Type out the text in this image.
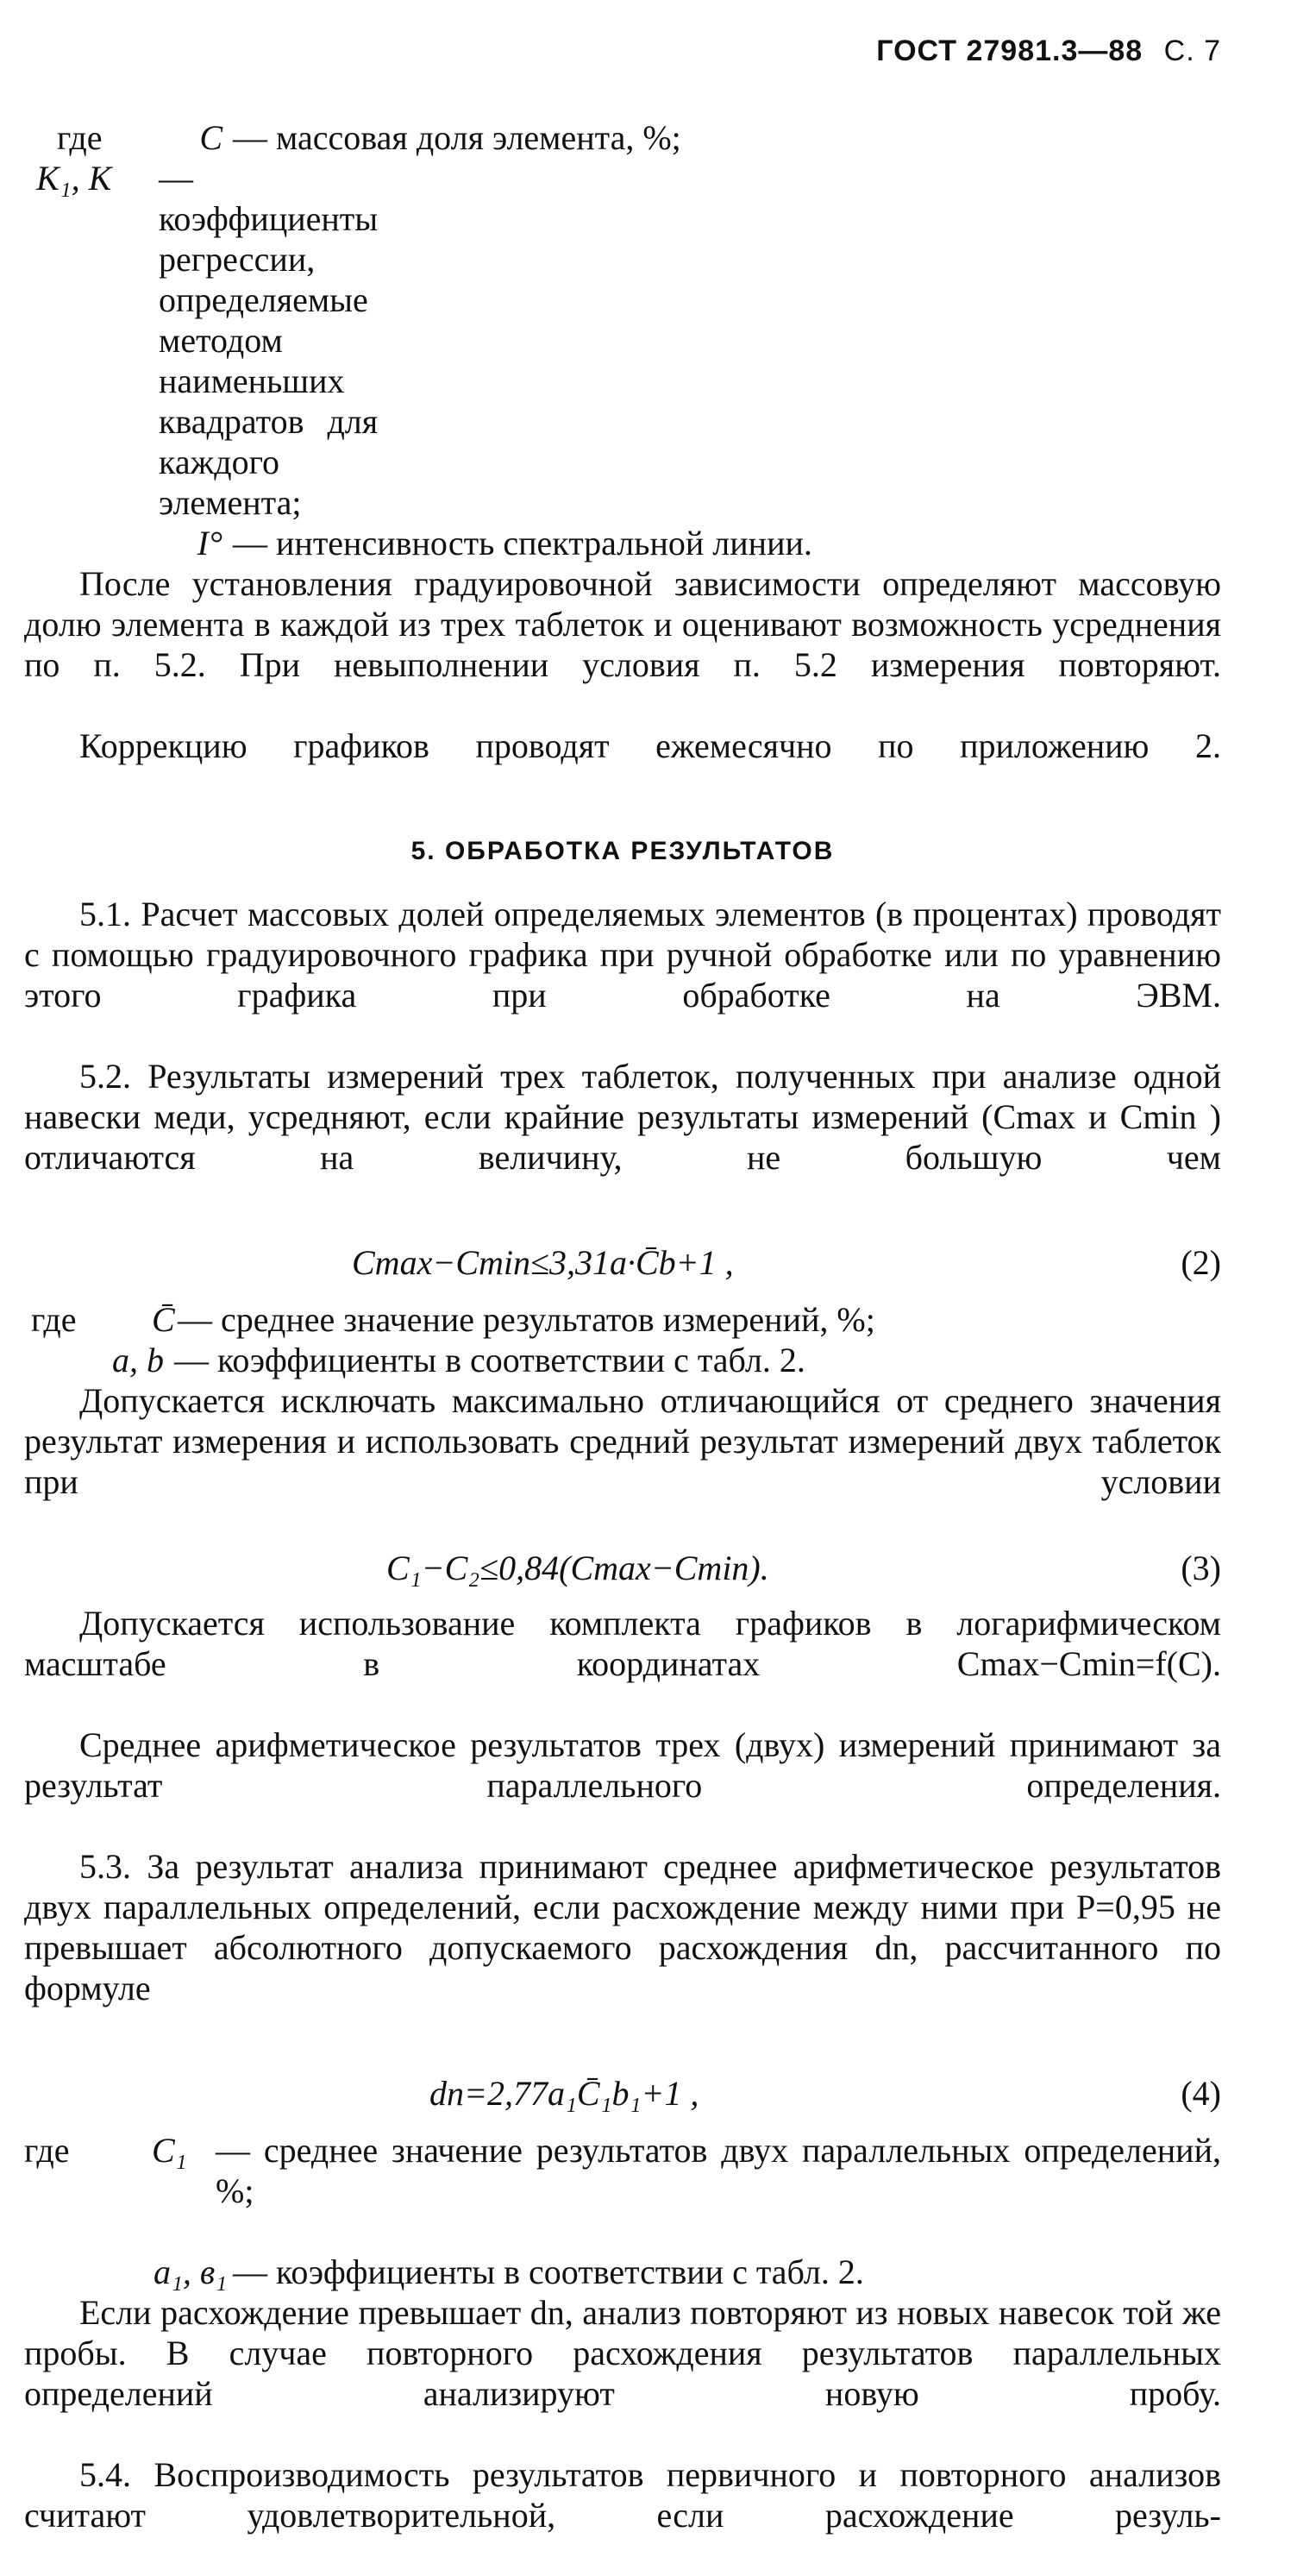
ГОСТ 27981.3—88 С. 7
где	C — массовая доля элемента, %;
K₁, K	— коэффициенты регрессии, определяемые методом наименьших квадратов для каждого элемента;
I° — интенсивность спектральной линии.

После установления градуировочной зависимости определяют массовую долю элемента в каждой из трех таблеток и оценивают возможность усреднения по п. 5.2. При невыполнении условия п. 5.2 измерения повторяют.

Коррекцию графиков проводят ежемесячно по приложению 2.

5. ОБРАБОТКА РЕЗУЛЬТАТОВ

5.1. Расчет массовых долей определяемых элементов (в процентах) проводят с помощью градуировочного графика при ручной обработке или по уравнению этого графика при обработке на ЭВМ.

5.2. Результаты измерений трех таблеток, полученных при анализе одной навески меди, усредняют, если крайние результаты измерений (Cmax и Cmin ) отличаются на величину, не большую чем

Cmax−Cmin≤3,31a·C̄b+1 ,	(2)
где	C̄ — среднее значение результатов измерений, %;
a, b — коэффициенты в соответствии с табл. 2.

Допускается исключать максимально отличающийся от среднего значения результат измерения и использовать средний результат измерений двух таблеток при условии

C₁−C₂≤0,84(Cmax−Cmin).	(3)

Допускается использование комплекта графиков в логарифмическом масштабе в координатах Cmax−Cmin=f(C).

Среднее арифметическое результатов трех (двух) измерений принимают за результат параллельного определения.

5.3. За результат анализа принимают среднее арифметическое результатов двух параллельных определений, если расхождение между ними при P=0,95 не превышает абсолютного допускаемого расхождения dn, рассчитанного по формуле

dn=2,77a₁C̄₁b₁+1 ,	(4)
где	C₁ — среднее значение результатов двух параллельных определений, %;
a₁, в₁ — коэффициенты в соответствии с табл. 2.

Если расхождение превышает dn, анализ повторяют из новых навесок той же пробы. В случае повторного расхождения результатов параллельных определений анализируют новую пробу.

5.4. Воспроизводимость результатов первичного и повторного анализов считают удовлетворительной, если расхождение резуль-
